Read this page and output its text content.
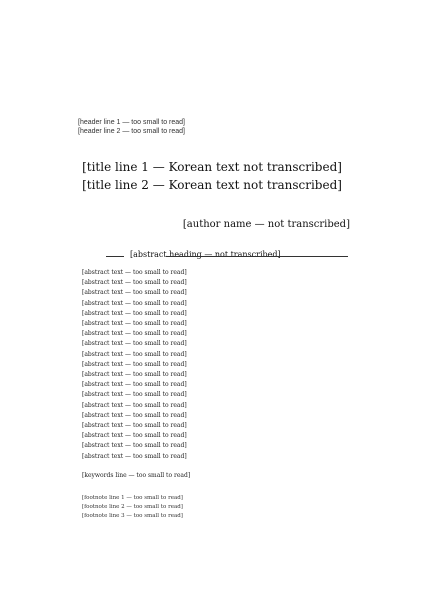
[header line 1 — too small to read]
[header line 2 — too small to read]
[title line 1 — Korean text not transcribed]
[title line 2 — Korean text not transcribed]
[author name — not transcribed]
[abstract heading — not transcribed]
[abstract text — too small to read]
[abstract text — too small to read]
[abstract text — too small to read]
[abstract text — too small to read]
[abstract text — too small to read]
[abstract text — too small to read]
[abstract text — too small to read]
[abstract text — too small to read]
[abstract text — too small to read]
[abstract text — too small to read]
[abstract text — too small to read]
[abstract text — too small to read]
[abstract text — too small to read]
[abstract text — too small to read]
[abstract text — too small to read]
[abstract text — too small to read]
[abstract text — too small to read]
[abstract text — too small to read]
[abstract text — too small to read]
[keywords line — too small to read]
[footnote line 1 — too small to read]
[footnote line 2 — too small to read]
[footnote line 3 — too small to read]
